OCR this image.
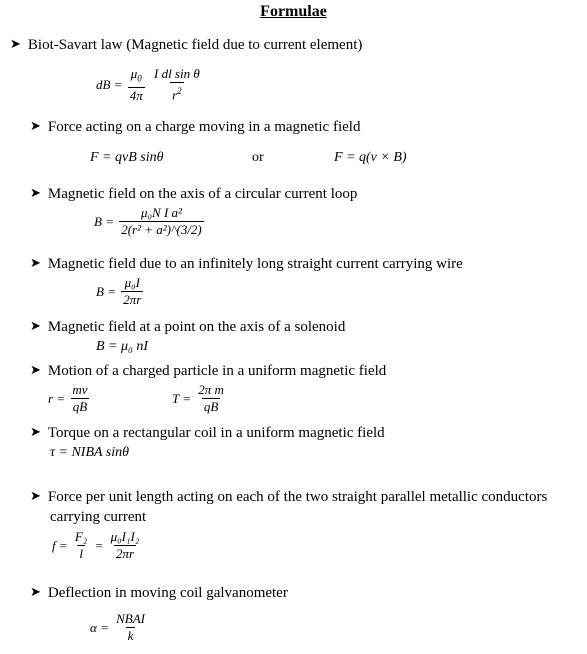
Formulae
➤ Biot-Savart law (Magnetic field due to current element)
dB = $\frac{\mu_0}{4\pi}$
$\frac{\text{I dl sin θ}}{r^2}$
➤ Force acting on a charge moving in a magnetic field
F = qvB sinθ	or	F = q(v × B)
➤ Magnetic field on the axis of a circular current loop
$B = \frac{\text{μ₀N I a²}}{\text{2(r² + a²)\textasciicircum{}(3/2)}}$
➤ Magnetic field due to an infinitely long straight current carrying wire
$B = \frac{\text{μ₀I}}{2\pi r}$
➤ Magnetic field at a point on the axis of a solenoid
B = μ₀ nI
➤ Motion of a charged particle in a uniform magnetic field
$r = \frac{mv}{qB}$	$T = \frac{\text{2π m}}{qB}$
➤ Torque on a rectangular coil in a uniform magnetic field
τ = NIBA sinθ
➤ Force per unit length acting on each of the two straight parallel metallic conductors
carrying current
$f = \frac{\text{F₂}}{l} = \frac{\text{μ₀I₁I₂}}{2\pi r}$
➤ Deflection in moving coil galvanometer
$\alpha = \frac{\text{NBAI}}{k}$
